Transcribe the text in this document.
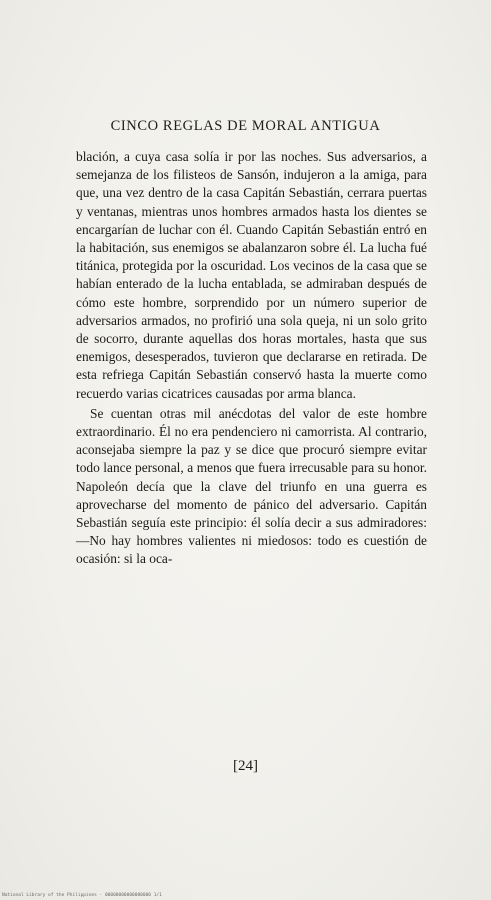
CINCO REGLAS DE MORAL ANTIGUA

blación, a cuya casa solía ir por las noches. Sus adversarios, a semejanza de los filisteos de Sansón, indujeron a la amiga, para que, una vez dentro de la casa Capitán Sebastián, cerrara puertas y ventanas, mientras unos hombres armados hasta los dientes se encargarían de luchar con él. Cuando Capitán Sebastián entró en la habitación, sus enemigos se abalanzaron sobre él. La lucha fué titánica, protegida por la oscuridad. Los vecinos de la casa que se habían enterado de la lucha entablada, se admiraban después de cómo este hombre, sorprendido por un número superior de adversarios armados, no profirió una sola queja, ni un solo grito de socorro, durante aquellas dos horas mortales, hasta que sus enemigos, desesperados, tuvieron que declararse en retirada. De esta refriega Capitán Sebastián conservó hasta la muerte como recuerdo varias cicatrices causadas por arma blanca.

Se cuentan otras mil anécdotas del valor de este hombre extraordinario. Él no era pendenciero ni camorrista. Al contrario, aconsejaba siempre la paz y se dice que procuró siempre evitar todo lance personal, a menos que fuera irrecusable para su honor. Napoleón decía que la clave del triunfo en una guerra es aprovecharse del momento de pánico del adversario. Capitán Sebastián seguía este principio: él solía decir a sus admiradores:—No hay hombres valientes ni miedosos: todo es cuestión de ocasión: si la oca-

[24]
National Library of the Philippines · 00000000000000000 1/1
